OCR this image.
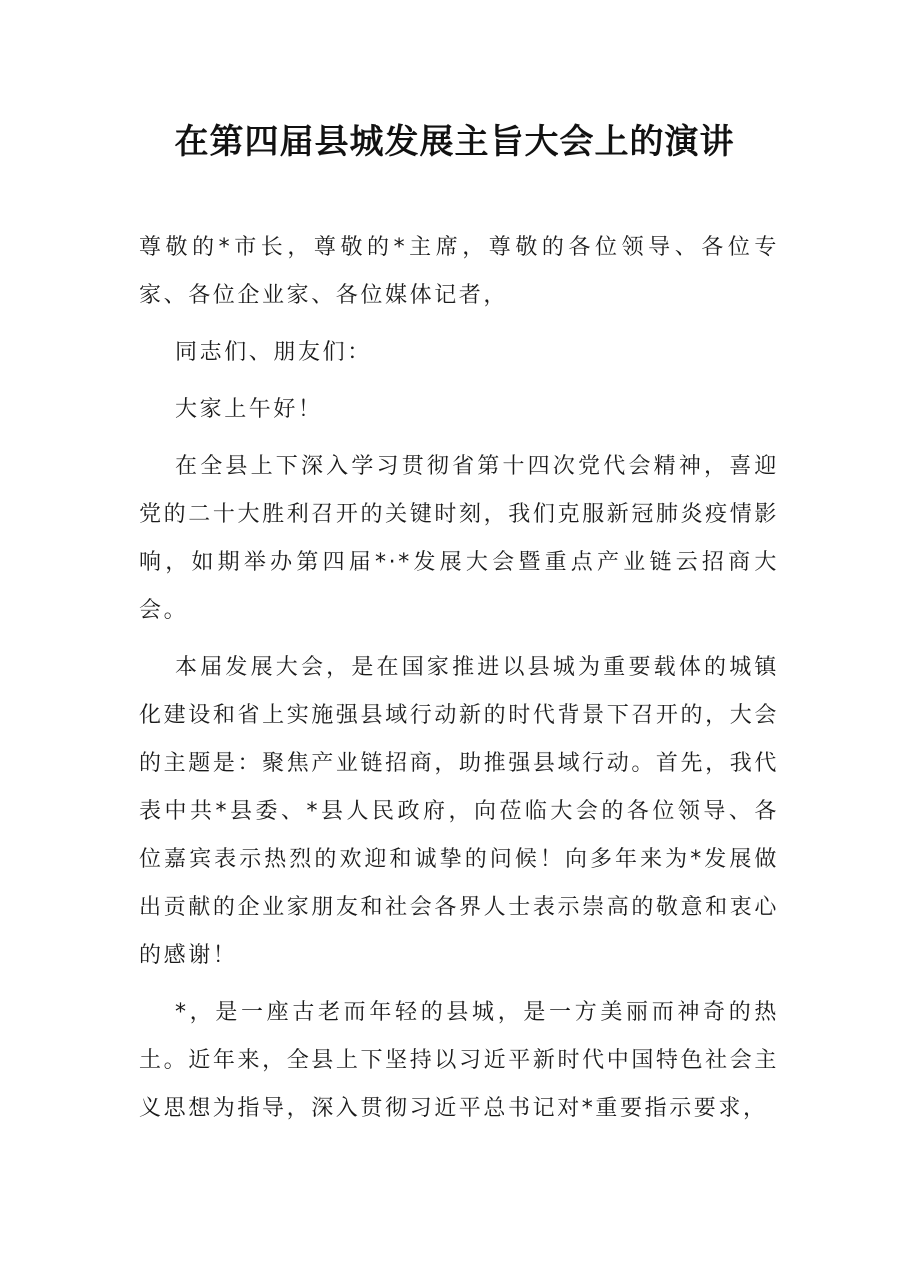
在第四届县城发展主旨大会上的演讲

尊敬的*市长，尊敬的*主席，尊敬的各位领导、各位专家、各位企业家、各位媒体记者，

同志们、朋友们：

大家上午好！

在全县上下深入学习贯彻省第十四次党代会精神，喜迎党的二十大胜利召开的关键时刻，我们克服新冠肺炎疫情影响，如期举办第四届*·*发展大会暨重点产业链云招商大会。

本届发展大会，是在国家推进以县城为重要载体的城镇化建设和省上实施强县域行动新的时代背景下召开的，大会的主题是：聚焦产业链招商，助推强县域行动。首先，我代表中共*县委、*县人民政府，向莅临大会的各位领导、各位嘉宾表示热烈的欢迎和诚挚的问候！向多年来为*发展做出贡献的企业家朋友和社会各界人士表示崇高的敬意和衷心的感谢！

*，是一座古老而年轻的县城，是一方美丽而神奇的热土。近年来，全县上下坚持以习近平新时代中国特色社会主义思想为指导，深入贯彻习近平总书记对*重要指示要求，
